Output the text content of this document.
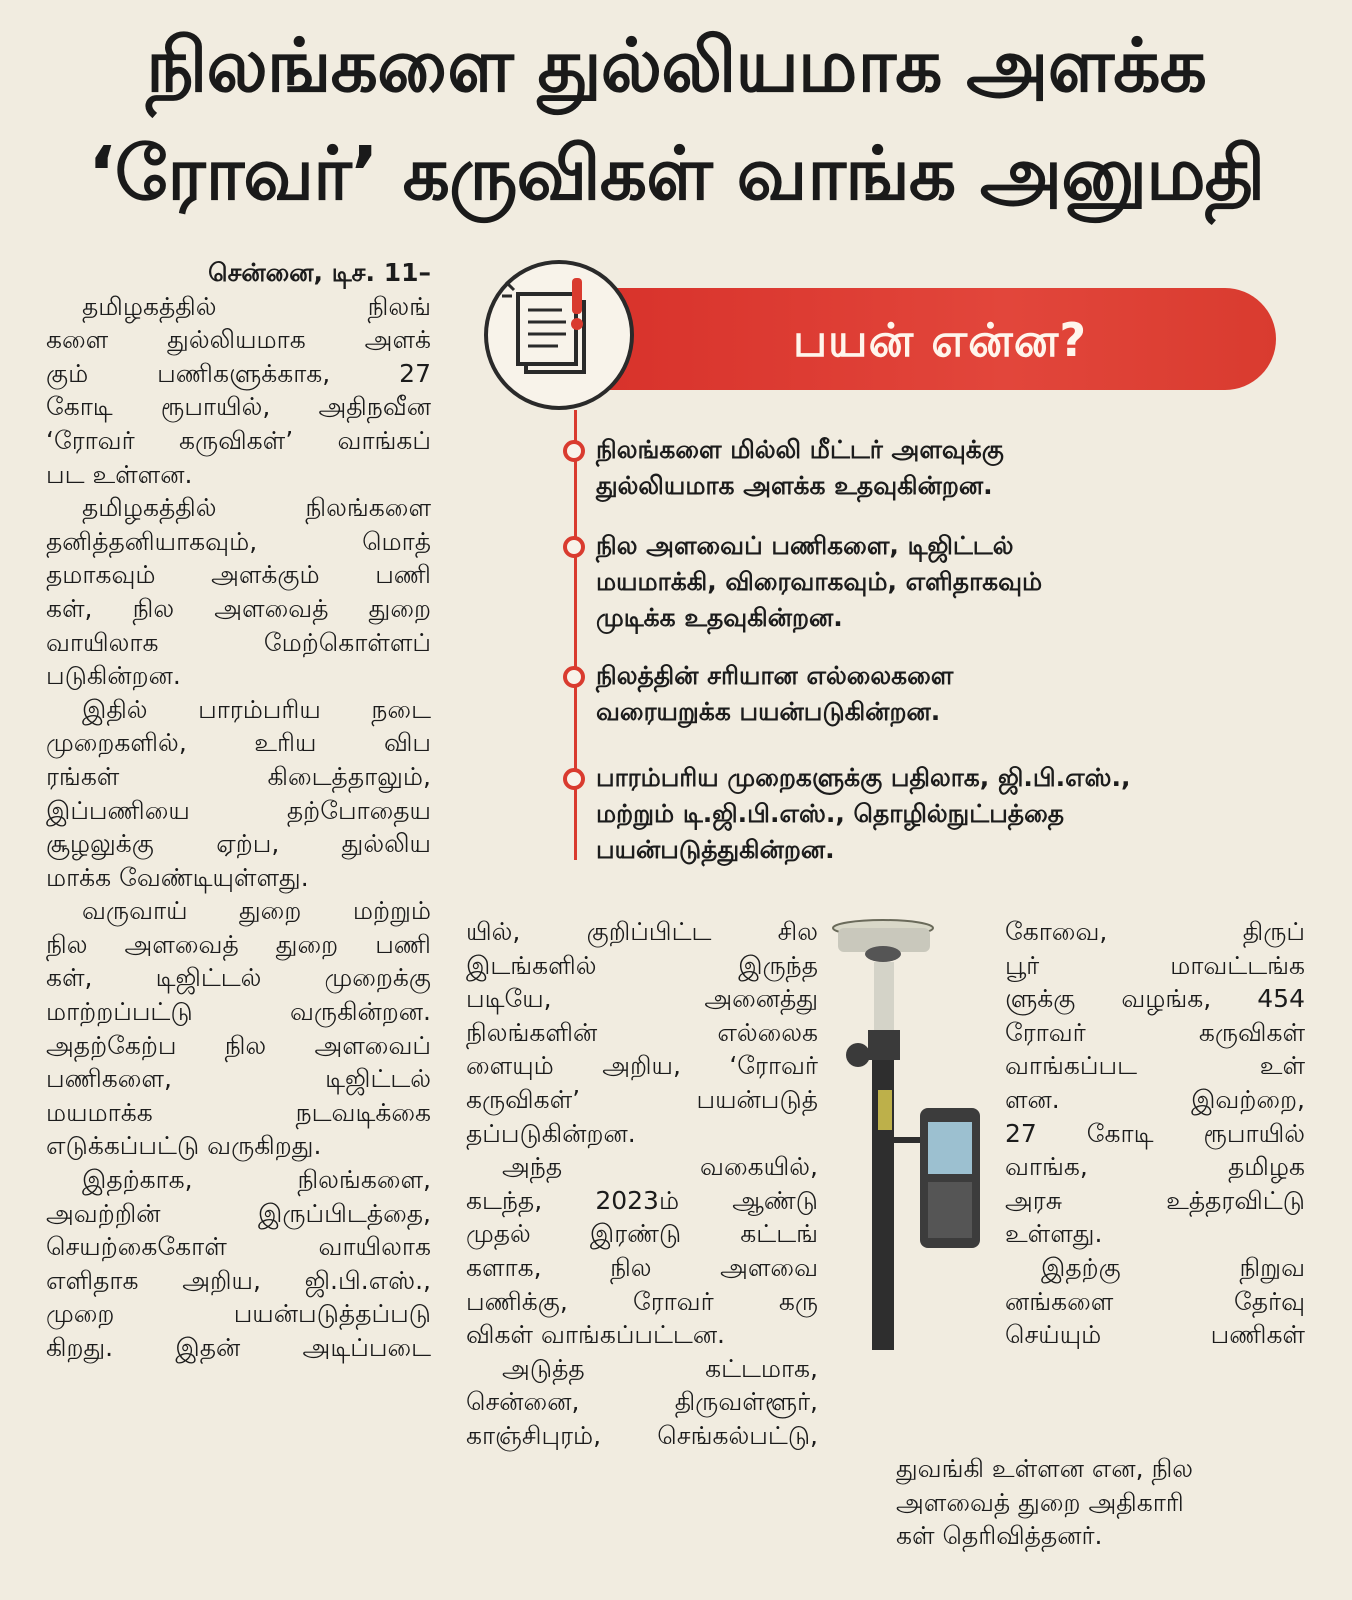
நிலங்களை துல்லியமாக அளக்க
‘ரோவர்’ கருவிகள் வாங்க அனுமதி

சென்னை, டிச. 11–

தமிழகத்தில் நிலங்

களை துல்லியமாக அளக்

கும் பணிகளுக்காக, 27

கோடி ரூபாயில், அதிநவீன

‘ரோவர் கருவிகள்’ வாங்கப்

பட உள்ளன.

தமிழகத்தில் நிலங்களை

தனித்தனியாகவும், மொத்

தமாகவும் அளக்கும் பணி

கள், நில அளவைத் துறை

வாயிலாக மேற்கொள்ளப்

படுகின்றன.

இதில் பாரம்பரிய நடை

முறைகளில், உரிய விப

ரங்கள் கிடைத்தாலும்,

இப்பணியை தற்போதைய

சூழலுக்கு ஏற்ப, துல்லிய

மாக்க வேண்டியுள்ளது.

வருவாய் துறை மற்றும்

நில அளவைத் துறை பணி

கள், டிஜிட்டல் முறைக்கு

மாற்றப்பட்டு வருகின்றன.

அதற்கேற்ப நில அளவைப்

பணிகளை, டிஜிட்டல்

மயமாக்க நடவடிக்கை

எடுக்கப்பட்டு வருகிறது.

இதற்காக, நிலங்களை,

அவற்றின் இருப்பிடத்தை,

செயற்கைகோள் வாயிலாக

எளிதாக அறிய, ஜி.பி.எஸ்.,

முறை பயன்படுத்தப்படு

கிறது. இதன் அடிப்படை

பயன் என்ன?
நிலங்களை மில்லி மீட்டர் அளவுக்கு
துல்லியமாக அளக்க உதவுகின்றன.
நில அளவைப் பணிகளை, டிஜிட்டல்
மயமாக்கி, விரைவாகவும், எளிதாகவும்
முடிக்க உதவுகின்றன.
நிலத்தின் சரியான எல்லைகளை
வரையறுக்க பயன்படுகின்றன.
பாரம்பரிய முறைகளுக்கு பதிலாக, ஜி.பி.எஸ்.,
மற்றும் டி.ஜி.பி.எஸ்., தொழில்நுட்பத்தை
பயன்படுத்துகின்றன.

யில், குறிப்பிட்ட சில

இடங்களில் இருந்த

படியே, அனைத்து

நிலங்களின் எல்லைக

ளையும் அறிய, ‘ரோவர்

கருவிகள்’ பயன்படுத்

தப்படுகின்றன.

அந்த வகையில்,

கடந்த, 2023ம் ஆண்டு

முதல் இரண்டு கட்டங்

களாக, நில அளவை

பணிக்கு, ரோவர் கரு

விகள் வாங்கப்பட்டன.

அடுத்த கட்டமாக,

சென்னை, திருவள்ளூர்,

காஞ்சிபுரம், செங்கல்பட்டு,

கோவை, திருப்

பூர் மாவட்டங்க

ளுக்கு வழங்க, 454

ரோவர் கருவிகள்

வாங்கப்பட உள்

ளன. இவற்றை,

27 கோடி ரூபாயில்

வாங்க, தமிழக

அரசு உத்தரவிட்டு

உள்ளது.

இதற்கு நிறுவ

னங்களை தேர்வு

செய்யும் பணிகள்

துவங்கி உள்ளன என, நில

அளவைத் துறை அதிகாரி

கள் தெரிவித்தனர்.
